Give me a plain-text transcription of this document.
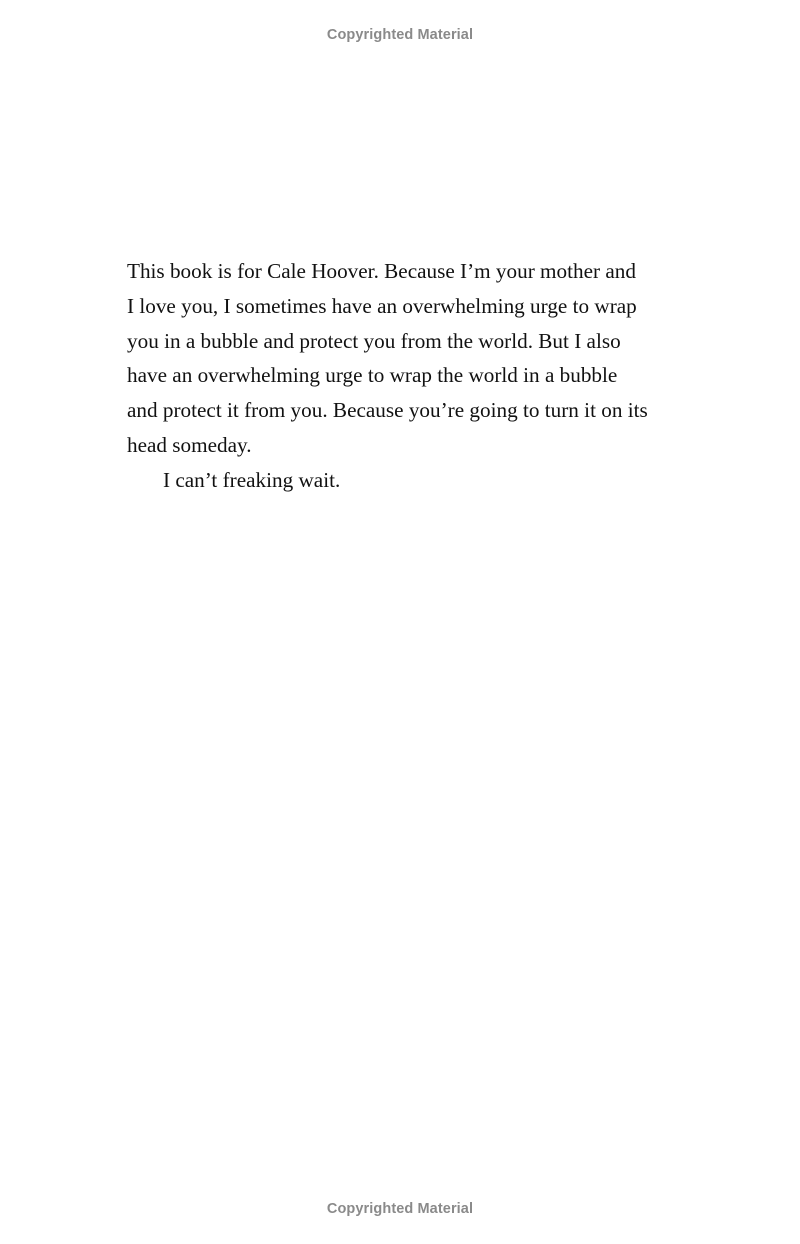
Copyrighted Material
This book is for Cale Hoover. Because I’m your mother and
I love you, I sometimes have an overwhelming urge to wrap
you in a bubble and protect you from the world. But I also
have an overwhelming urge to wrap the world in a bubble
and protect it from you. Because you’re going to turn it on its
head someday.
I can’t freaking wait.
Copyrighted Material
